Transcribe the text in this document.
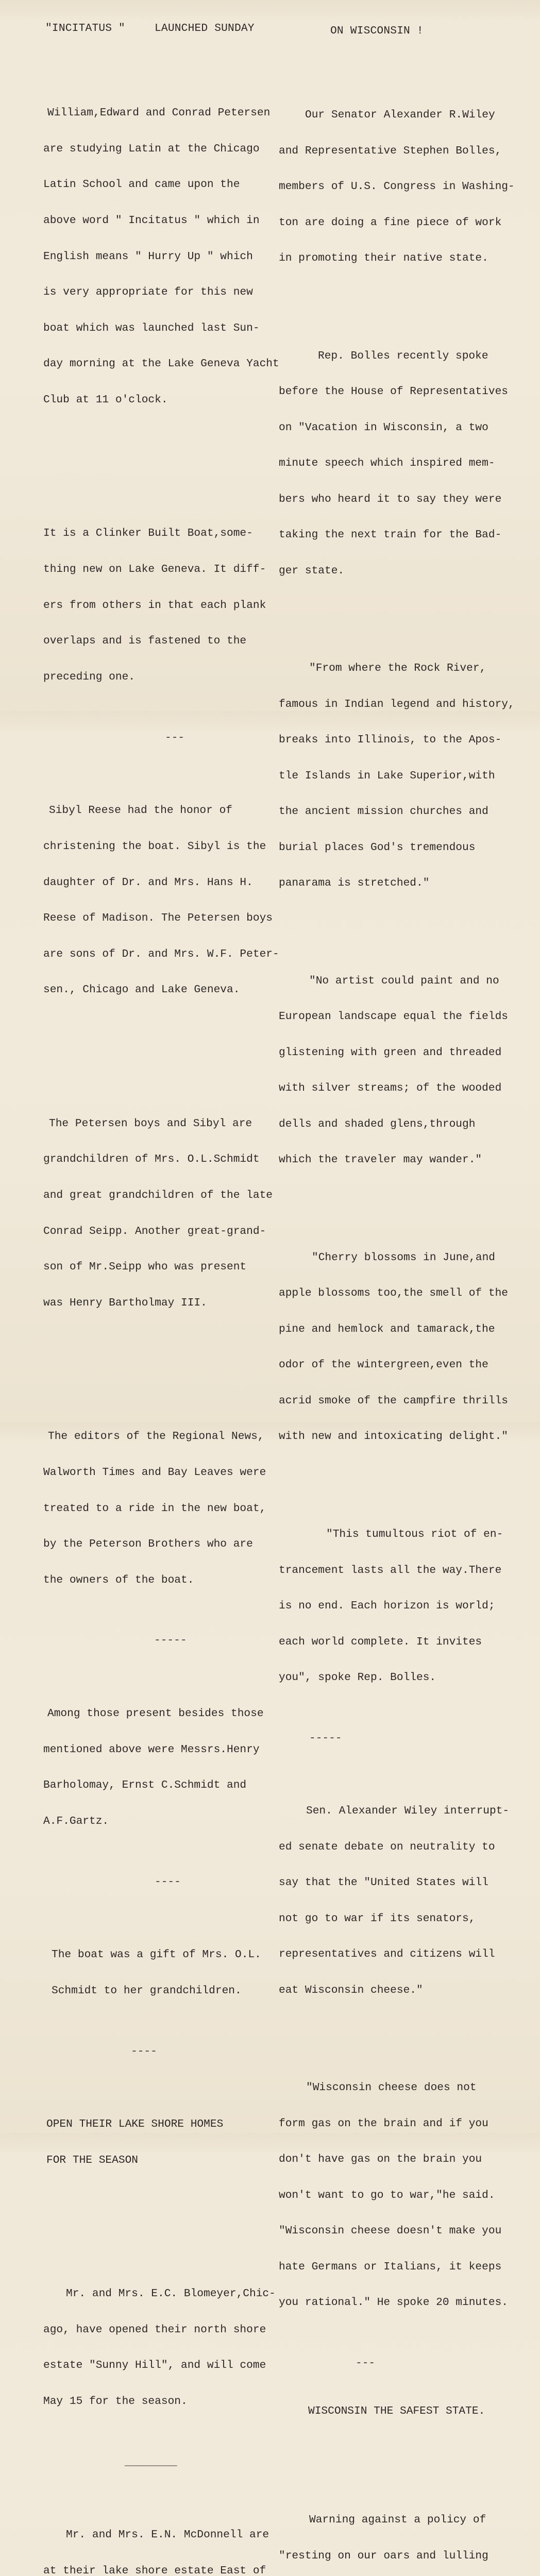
"INCITATUS "	LAUNCHED SUNDAY	ON WISCONSIN !

William,Edward and Conrad Petersen

are studying Latin at the Chicago

Latin School and came upon the

above word " Incitatus " which in

English means " Hurry Up " which

is very appropriate for this new

boat which was launched last Sun-

day morning at the Lake Geneva Yacht

Club at 11 o'clock.

It is a Clinker Built Boat,some-

thing new on Lake Geneva. It diff-

ers from others in that each plank

overlaps and is fastened to the

preceding one.

---

Sibyl Reese had the honor of

christening the boat. Sibyl is the

daughter of Dr. and Mrs. Hans H.

Reese of Madison. The Petersen boys

are sons of Dr. and Mrs. W.F. Peter-

sen., Chicago and Lake Geneva.

The Petersen boys and Sibyl are

grandchildren of Mrs. O.L.Schmidt

and great grandchildren of the late

Conrad Seipp. Another great-grand-

son of Mr.Seipp who was present

was Henry Bartholmay III.

The editors of the Regional News,

Walworth Times and Bay Leaves were

treated to a ride in the new boat,

by the Peterson Brothers who are

the owners of the boat.

-----

Among those present besides those

mentioned above were Messrs.Henry

Barholomay, Ernst C.Schmidt and

A.F.Gartz.

----

The boat was a gift of Mrs. O.L.

Schmidt to her grandchildren.

----

OPEN THEIR LAKE SHORE HOMES

FOR THE SEASON

Mr. and Mrs. E.C. Blomeyer,Chic-

ago, have opened their north shore

estate "Sunny Hill", and will come

May 15 for the season.

________

Mr. and Mrs. E.N. McDonnell are

at their lake shore estate East of

Our Senator Alexander R.Wiley

and Representative Stephen Bolles,

members of U.S. Congress in Washing-

ton are doing a fine piece of work

in promoting their native state.

Rep. Bolles recently spoke

before the House of Representatives

on "Vacation in Wisconsin, a two

minute speech which inspired mem-

bers who heard it to say they were

taking the next train for the Bad-

ger state.

"From where the Rock River,

famous in Indian legend and history,

breaks into Illinois, to the Apos-

tle Islands in Lake Superior,with

the ancient mission churches and

burial places God's tremendous

panarama is stretched."

"No artist could paint and no

European landscape equal the fields

glistening with green and threaded

with silver streams; of the wooded

dells and shaded glens,through

which the traveler may wander."

"Cherry blossoms in June,and

apple blossoms too,the smell of the

pine and hemlock and tamarack,the

odor of the wintergreen,even the

acrid smoke of the campfire thrills

with new and intoxicating delight."

"This tumultous riot of en-

trancement lasts all the way.There

is no end. Each horizon is world;

each world complete. It invites

you", spoke Rep. Bolles.

-----

Sen. Alexander Wiley interrupt-

ed senate debate on neutrality to

say that the "United States will

not go to war if its senators,

representatives and citizens will

eat Wisconsin cheese."

"Wisconsin cheese does not

form gas on the brain and if you

don't have gas on the brain you

won't want to go to war,"he said.

"Wisconsin cheese doesn't make you

hate Germans or Italians, it keeps

you rational." He spoke 20 minutes.

---

WISCONSIN THE SAFEST STATE.

Warning against a policy of

"resting on our oars and lulling
